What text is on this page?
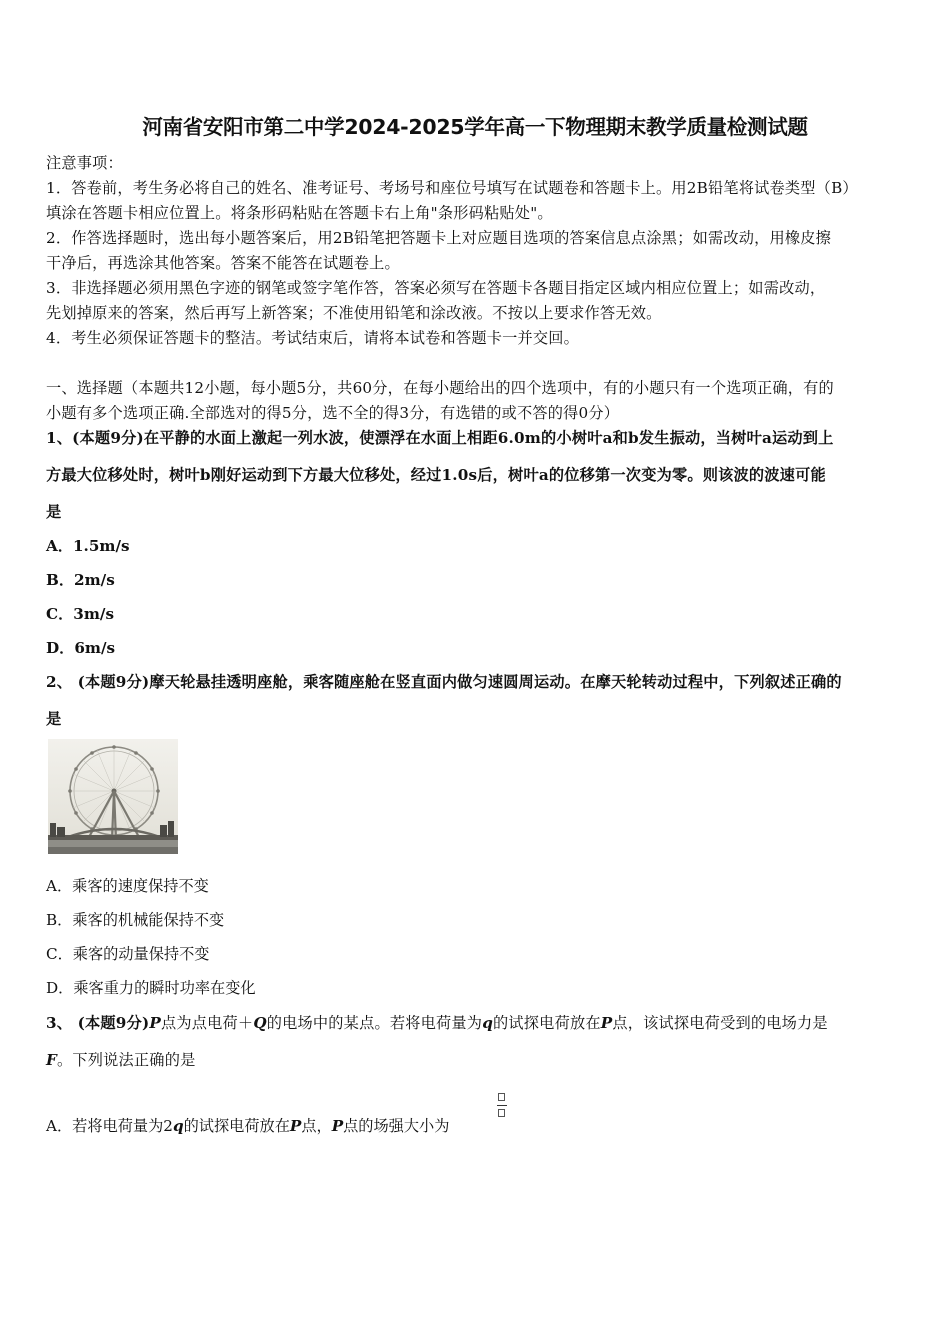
河南省安阳市第二中学2024-2025学年高一下物理期末教学质量检测试题
注意事项：
1．答卷前，考生务必将自己的姓名、准考证号、考场号和座位号填写在试题卷和答题卡上。用2B铅笔将试卷类型（B）
填涂在答题卡相应位置上。将条形码粘贴在答题卡右上角"条形码粘贴处"。
2．作答选择题时，选出每小题答案后，用2B铅笔把答题卡上对应题目选项的答案信息点涂黑；如需改动，用橡皮擦
干净后，再选涂其他答案。答案不能答在试题卷上。
3．非选择题必须用黑色字迹的钢笔或签字笔作答，答案必须写在答题卡各题目指定区域内相应位置上；如需改动，
先划掉原来的答案，然后再写上新答案；不准使用铅笔和涂改液。不按以上要求作答无效。
4．考生必须保证答题卡的整洁。考试结束后，请将本试卷和答题卡一并交回。
一、选择题（本题共12小题，每小题5分，共60分，在每小题给出的四个选项中，有的小题只有一个选项正确，有的
小题有多个选项正确.全部选对的得5分，选不全的得3分，有选错的或不答的得0分）
1、(本题9分)在平静的水面上激起一列水波，使漂浮在水面上相距6.0m的小树叶a和b发生振动，当树叶a运动到上
方最大位移处时，树叶b刚好运动到下方最大位移处，经过1.0s后，树叶a的位移第一次变为零。则该波的波速可能
是
A．1.5m/s
B．2m/s
C．3m/s
D．6m/s
2、 (本题9分)摩天轮悬挂透明座舱，乘客随座舱在竖直面内做匀速圆周运动。在摩天轮转动过程中，下列叙述正确的
是
A．乘客的速度保持不变
B．乘客的机械能保持不变
C．乘客的动量保持不变
D．乘客重力的瞬时功率在变化
3、 (本题9分)P点为点电荷＋Q的电场中的某点。若将电荷量为q的试探电荷放在P点，该试探电荷受到的电场力是
F。下列说法正确的是
A．若将电荷量为2q的试探电荷放在P点，P点的场强大小为
